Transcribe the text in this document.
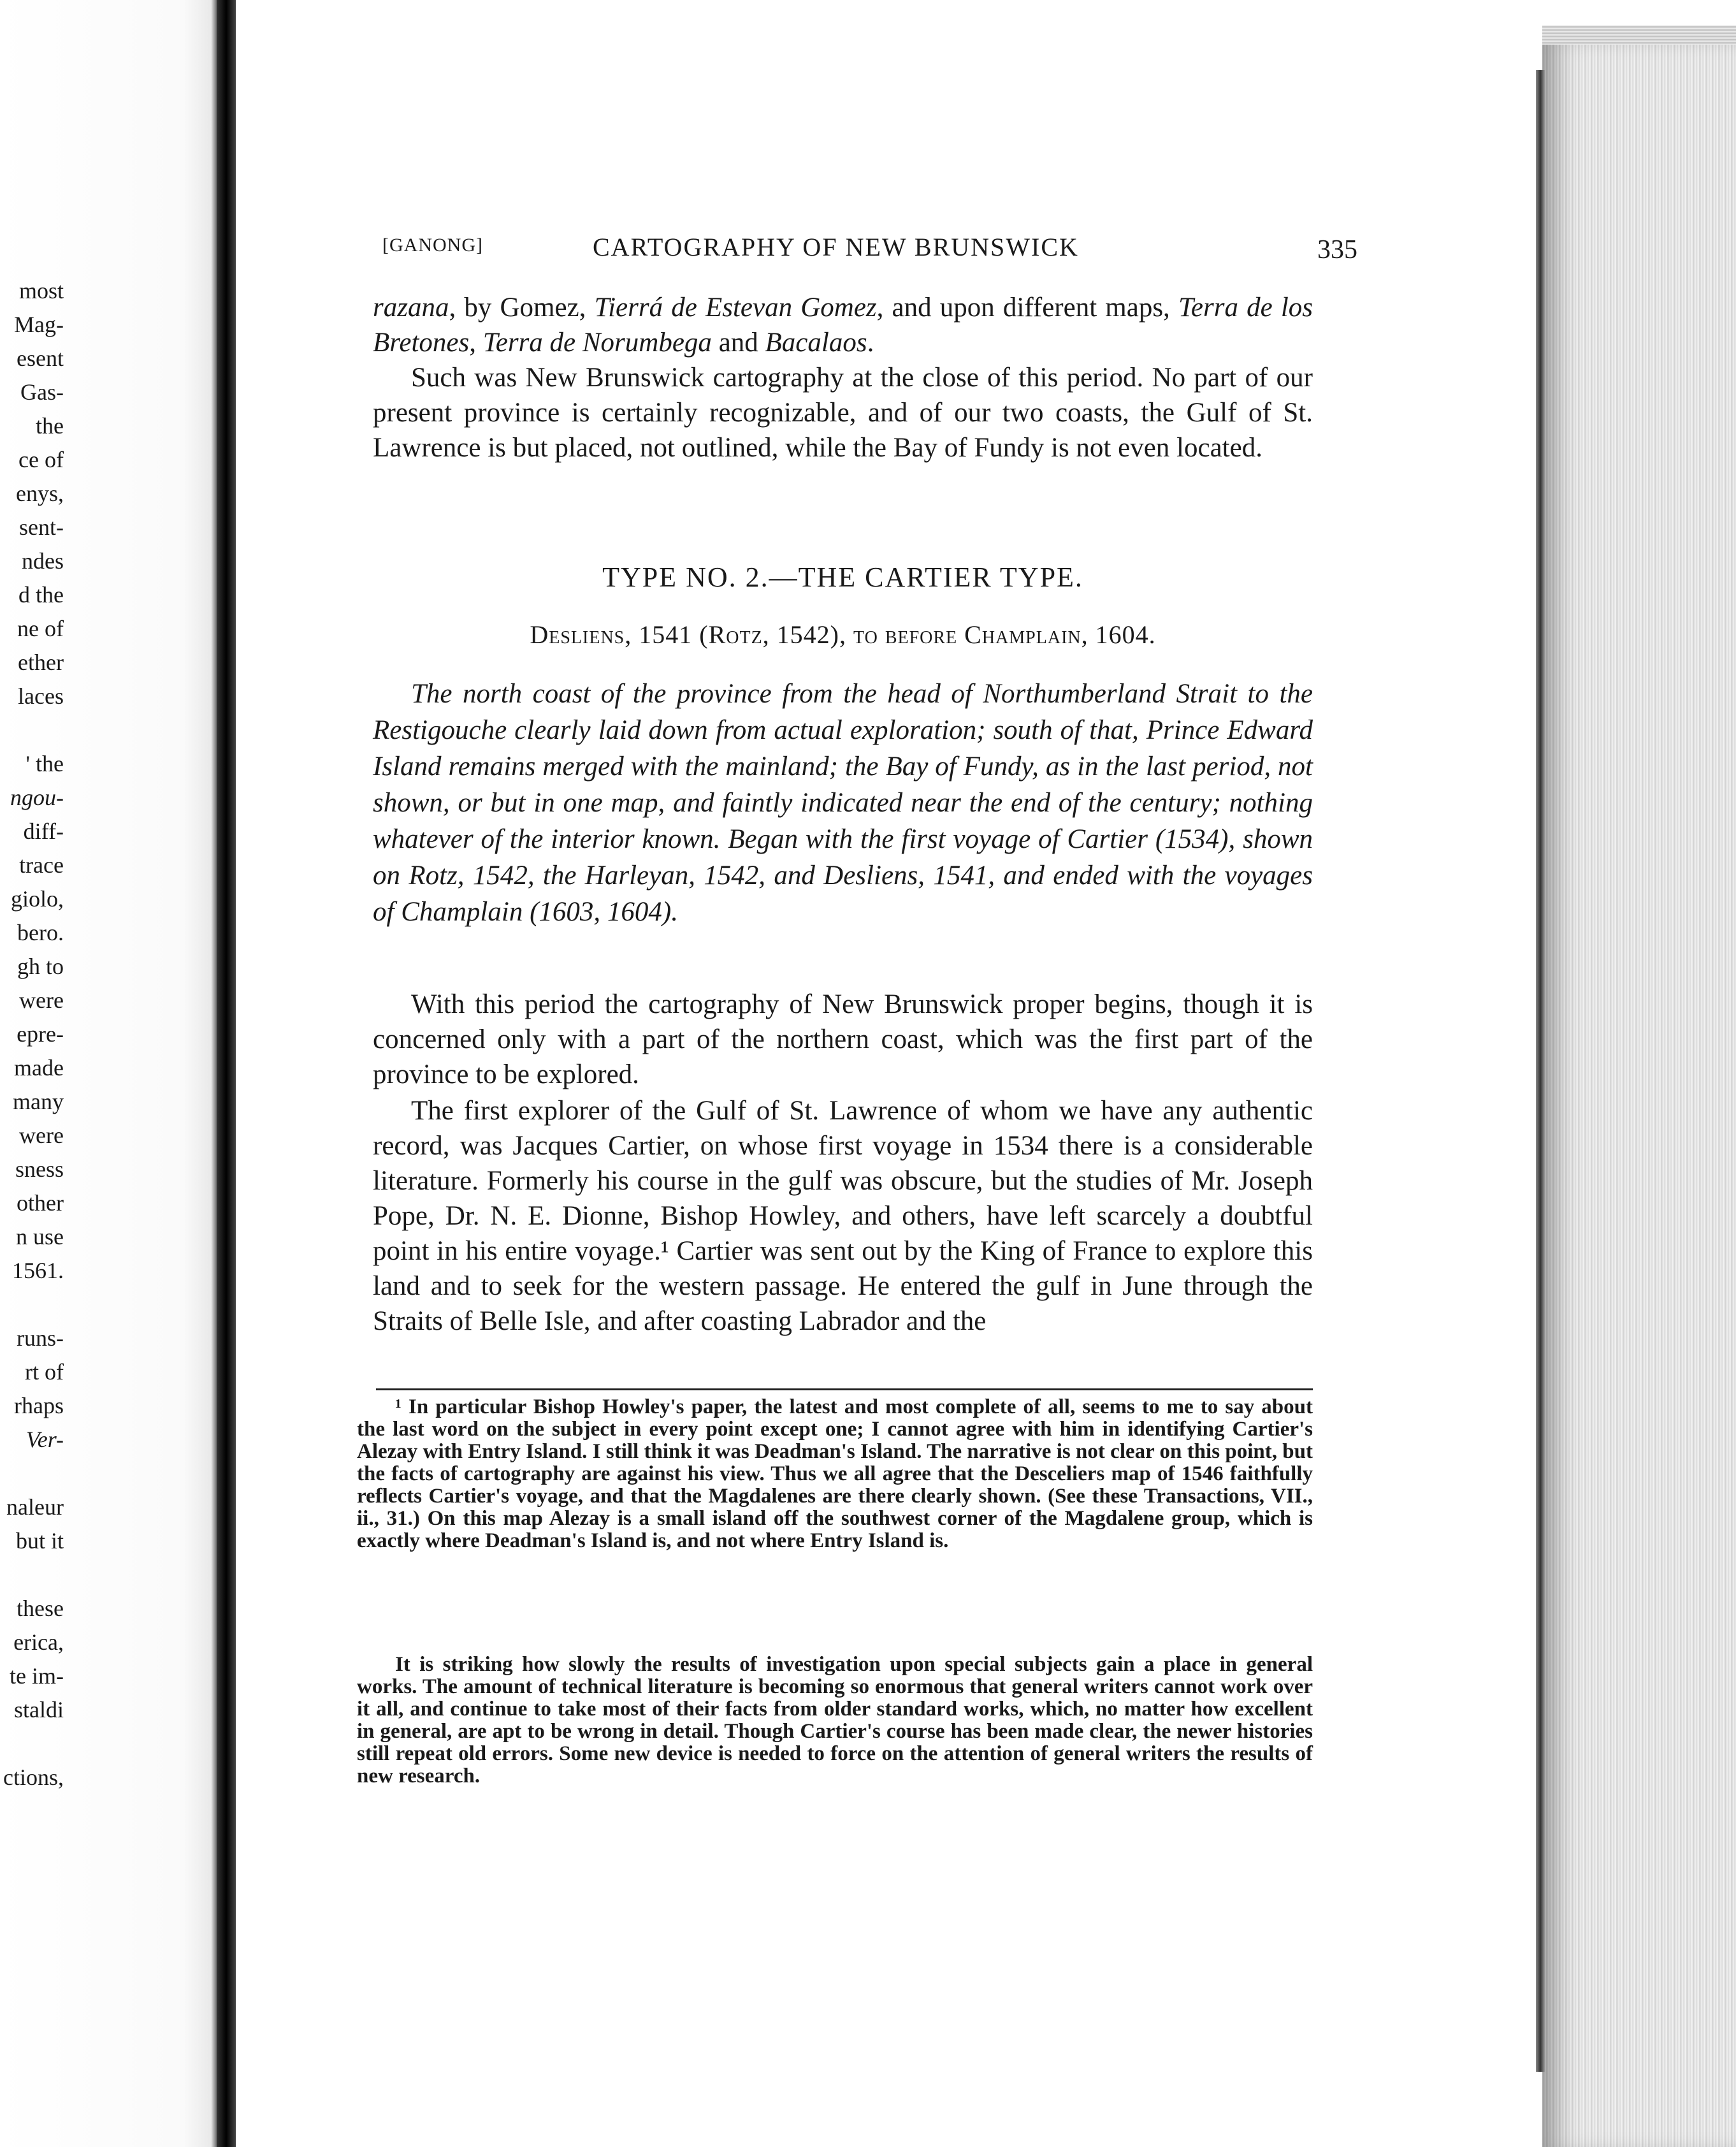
most
Mag-
esent
Gas-
the
ce of
enys,
sent-
ndes
d the
ne of
ether
laces
' the
ngou-
diff-
trace
giolo,
bero.
gh to
were
epre-
made
many
were
sness
other
n use
1561.
runs-
rt of
rhaps
Ver-
naleur
but it
these
erica,
te im-
staldi
ctions,
[GANONG]	CARTOGRAPHY OF NEW BRUNSWICK	335
razana, by Gomez, Tierrá de Estevan Gomez, and upon different maps, Terra de los Bretones, Terra de Norumbega and Bacalaos.
Such was New Brunswick cartography at the close of this period. No part of our present province is certainly recognizable, and of our two coasts, the Gulf of St. Lawrence is but placed, not outlined, while the Bay of Fundy is not even located.
TYPE NO. 2.—THE CARTIER TYPE.
Desliens, 1541 (Rotz, 1542), to before Champlain, 1604.
The north coast of the province from the head of Northumberland Strait to the Restigouche clearly laid down from actual exploration; south of that, Prince Edward Island remains merged with the mainland; the Bay of Fundy, as in the last period, not shown, or but in one map, and faintly indicated near the end of the century; nothing whatever of the interior known. Began with the first voyage of Cartier (1534), shown on Rotz, 1542, the Harleyan, 1542, and Desliens, 1541, and ended with the voyages of Champlain (1603, 1604).
With this period the cartography of New Brunswick proper begins, though it is concerned only with a part of the northern coast, which was the first part of the province to be explored.
The first explorer of the Gulf of St. Lawrence of whom we have any authentic record, was Jacques Cartier, on whose first voyage in 1534 there is a considerable literature. Formerly his course in the gulf was obscure, but the studies of Mr. Joseph Pope, Dr. N. E. Dionne, Bishop Howley, and others, have left scarcely a doubtful point in his entire voyage.¹ Cartier was sent out by the King of France to explore this land and to seek for the western passage. He entered the gulf in June through the Straits of Belle Isle, and after coasting Labrador and the
¹ In particular Bishop Howley's paper, the latest and most complete of all, seems to me to say about the last word on the subject in every point except one; I cannot agree with him in identifying Cartier's Alezay with Entry Island. I still think it was Deadman's Island. The narrative is not clear on this point, but the facts of cartography are against his view. Thus we all agree that the Desceliers map of 1546 faithfully reflects Cartier's voyage, and that the Magdalenes are there clearly shown. (See these Transactions, VII., ii., 31.) On this map Alezay is a small island off the southwest corner of the Magdalene group, which is exactly where Deadman's Island is, and not where Entry Island is.
It is striking how slowly the results of investigation upon special subjects gain a place in general works. The amount of technical literature is becoming so enormous that general writers cannot work over it all, and continue to take most of their facts from older standard works, which, no matter how excellent in general, are apt to be wrong in detail. Though Cartier's course has been made clear, the newer histories still repeat old errors. Some new device is needed to force on the attention of general writers the results of new research.
